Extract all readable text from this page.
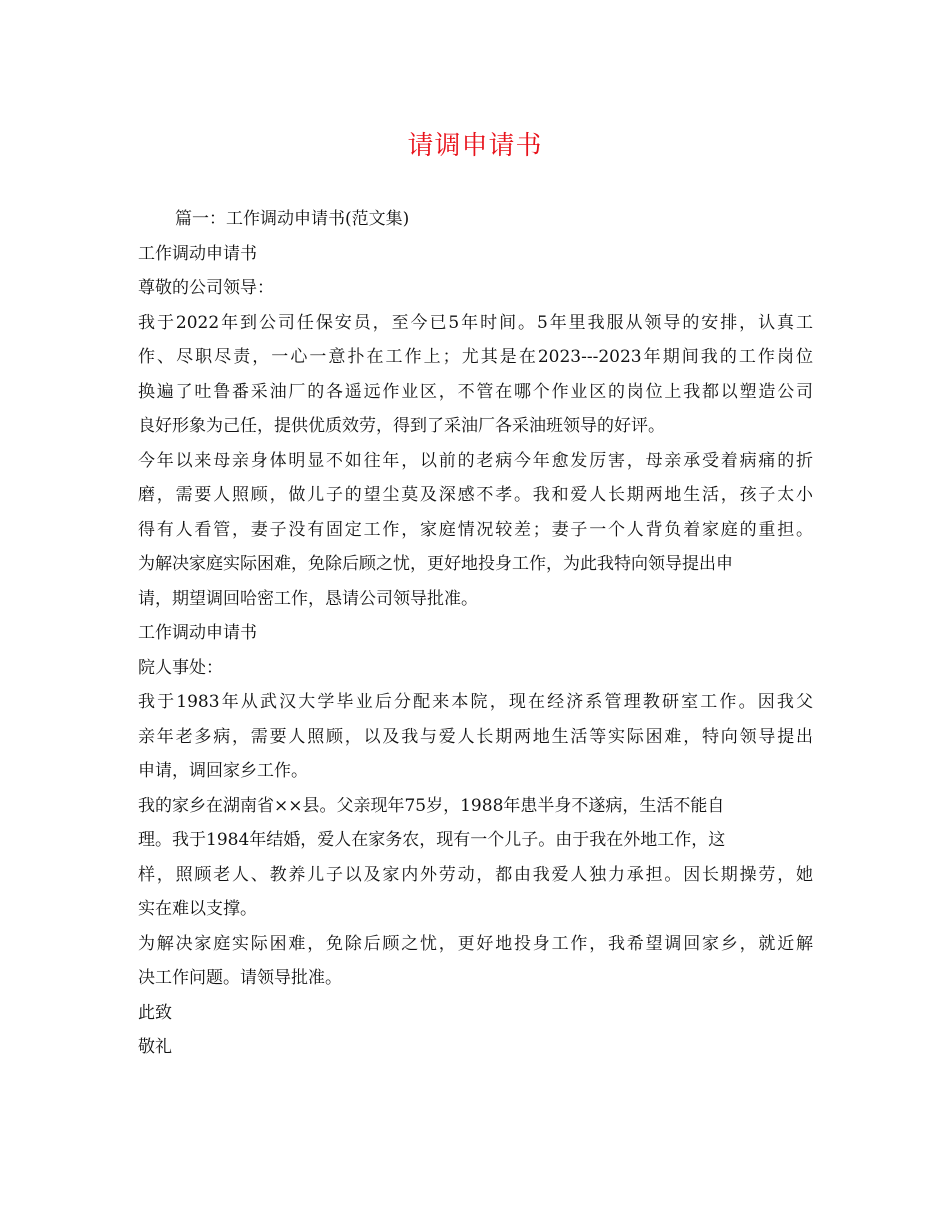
请调申请书
篇一：工作调动申请书(范文集)
工作调动申请书
尊敬的公司领导：
我于2022年到公司任保安员，至今已5年时间。5年里我服从领导的安排，认真工
作、尽职尽责，一心一意扑在工作上；尤其是在2023---2023年期间我的工作岗位
换遍了吐鲁番采油厂的各遥远作业区，不管在哪个作业区的岗位上我都以塑造公司
良好形象为己任，提供优质效劳，得到了采油厂各采油班领导的好评。
今年以来母亲身体明显不如往年，以前的老病今年愈发厉害，母亲承受着病痛的折
磨，需要人照顾，做儿子的望尘莫及深感不孝。我和爱人长期两地生活，孩子太小
得有人看管，妻子没有固定工作，家庭情况较差；妻子一个人背负着家庭的重担。
为解决家庭实际困难，免除后顾之忧，更好地投身工作，为此我特向领导提出申
请，期望调回哈密工作，恳请公司领导批准。
工作调动申请书
院人事处：
我于1983年从武汉大学毕业后分配来本院，现在经济系管理教研室工作。因我父
亲年老多病，需要人照顾，以及我与爱人长期两地生活等实际困难，特向领导提出
申请，调回家乡工作。
我的家乡在湖南省××县。父亲现年75岁，1988年患半身不遂病，生活不能自
理。我于1984年结婚，爱人在家务农，现有一个儿子。由于我在外地工作，这
样，照顾老人、教养儿子以及家内外劳动，都由我爱人独力承担。因长期操劳，她
实在难以支撑。
为解决家庭实际困难，免除后顾之忧，更好地投身工作，我希望调回家乡，就近解
决工作问题。请领导批准。
此致
敬礼
